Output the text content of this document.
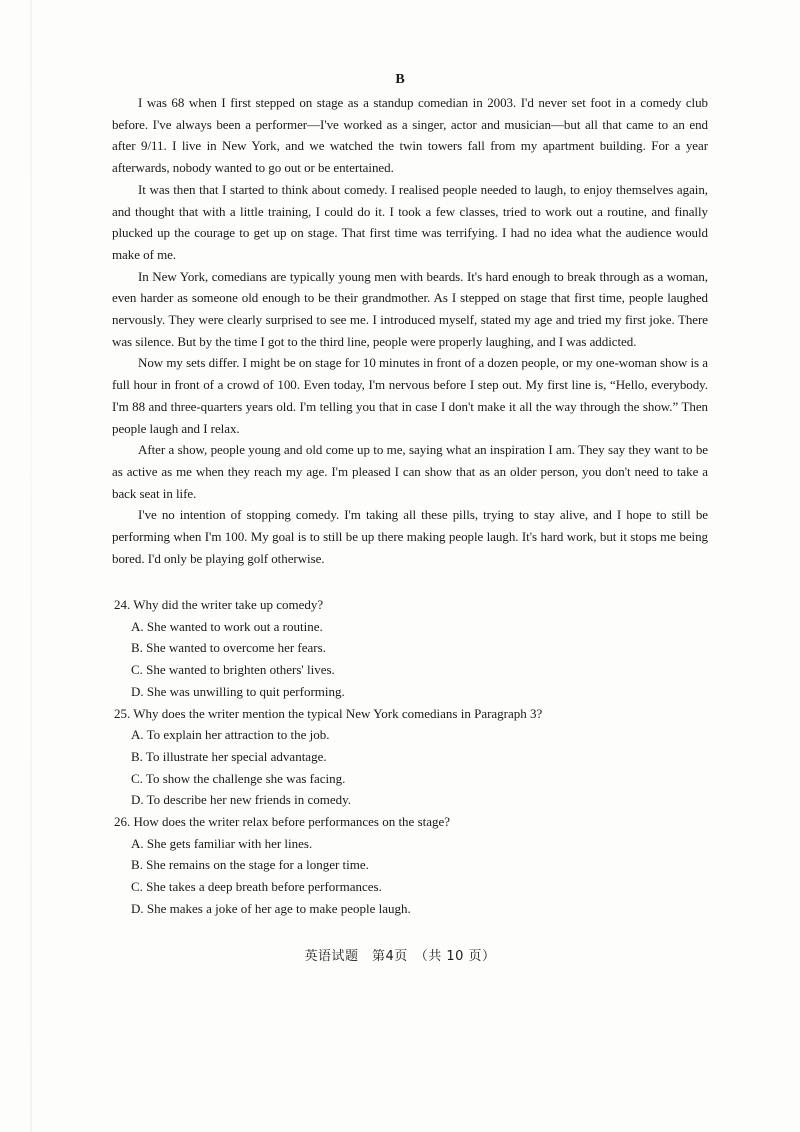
B

I was 68 when I first stepped on stage as a standup comedian in 2003. I'd never set foot in a comedy club before. I've always been a performer—I've worked as a singer, actor and musician—but all that came to an end after 9/11. I live in New York, and we watched the twin towers fall from my apartment building. For a year afterwards, nobody wanted to go out or be entertained.

It was then that I started to think about comedy. I realised people needed to laugh, to enjoy themselves again, and thought that with a little training, I could do it. I took a few classes, tried to work out a routine, and finally plucked up the courage to get up on stage. That first time was terrifying. I had no idea what the audience would make of me.

In New York, comedians are typically young men with beards. It's hard enough to break through as a woman, even harder as someone old enough to be their grandmother. As I stepped on stage that first time, people laughed nervously. They were clearly surprised to see me. I introduced myself, stated my age and tried my first joke. There was silence. But by the time I got to the third line, people were properly laughing, and I was addicted.

Now my sets differ. I might be on stage for 10 minutes in front of a dozen people, or my one-woman show is a full hour in front of a crowd of 100. Even today, I'm nervous before I step out. My first line is, “Hello, everybody. I'm 88 and three-quarters years old. I'm telling you that in case I don't make it all the way through the show.” Then people laugh and I relax.

After a show, people young and old come up to me, saying what an inspiration I am. They say they want to be as active as me when they reach my age. I'm pleased I can show that as an older person, you don't need to take a back seat in life.

I've no intention of stopping comedy. I'm taking all these pills, trying to stay alive, and I hope to still be performing when I'm 100. My goal is to still be up there making people laugh. It's hard work, but it stops me being bored. I'd only be playing golf otherwise.

24. Why did the writer take up comedy?

A. She wanted to work out a routine.
B. She wanted to overcome her fears.
C. She wanted to brighten others' lives.
D. She was unwilling to quit performing.

25. Why does the writer mention the typical New York comedians in Paragraph 3?

A. To explain her attraction to the job.
B. To illustrate her special advantage.
C. To show the challenge she was facing.
D. To describe her new friends in comedy.

26. How does the writer relax before performances on the stage?

A. She gets familiar with her lines.
B. She remains on the stage for a longer time.
C. She takes a deep breath before performances.
D. She makes a joke of her age to make people laugh.
英语试题　第4页　（共 10 页）
